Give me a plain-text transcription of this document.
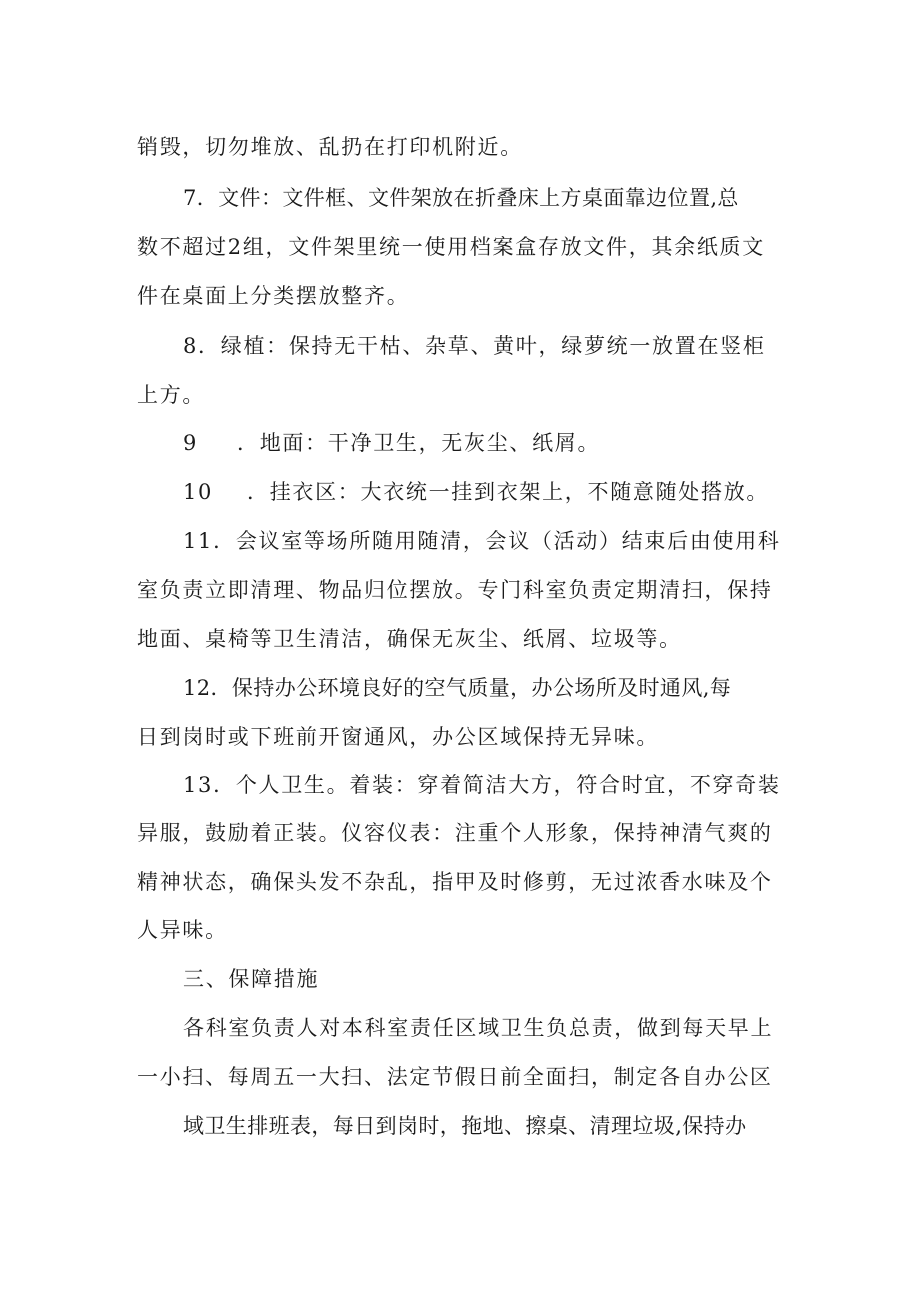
销毁，切勿堆放、乱扔在打印机附近。
7．文件：文件框、文件架放在折叠床上方桌面靠边位置,总
数不超过2组，文件架里统一使用档案盒存放文件，其余纸质文
件在桌面上分类摆放整齐。
8．绿植：保持无干枯、杂草、黄叶，绿萝统一放置在竖柜
上方。
9 ．地面：干净卫生，无灰尘、纸屑。
10 ．挂衣区：大衣统一挂到衣架上，不随意随处搭放。
11．会议室等场所随用随清，会议（活动）结束后由使用科
室负责立即清理、物品归位摆放。专门科室负责定期清扫，保持
地面、桌椅等卫生清洁，确保无灰尘、纸屑、垃圾等。
12．保持办公环境良好的空气质量，办公场所及时通风,每
日到岗时或下班前开窗通风，办公区域保持无异味。
13．个人卫生。着装：穿着简洁大方，符合时宜，不穿奇装
异服，鼓励着正装。仪容仪表：注重个人形象，保持神清气爽的
精神状态，确保头发不杂乱，指甲及时修剪，无过浓香水味及个
人异味。
三、保障措施
各科室负责人对本科室责任区域卫生负总责，做到每天早上
一小扫、每周五一大扫、法定节假日前全面扫，制定各自办公区
域卫生排班表，每日到岗时，拖地、擦桌、清理垃圾,保持办
